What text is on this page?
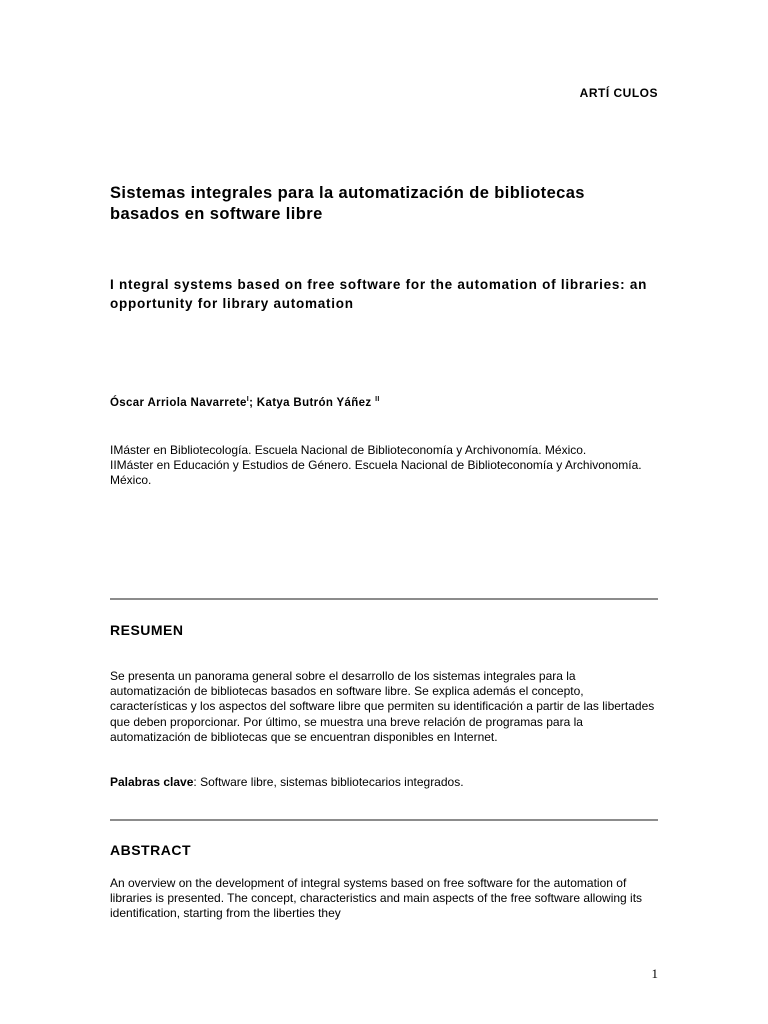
ARTÍ CULOS
Sistemas integrales para la automatización de bibliotecas basados en software libre
I ntegral systems based on free software for the automation of libraries: an opportunity for library automation
Óscar Arriola Navarrete$^I$; Katya Butrón Yáñez $^{II}$

IMáster en Bibliotecología. Escuela Nacional de Biblioteconomía y Archivonomía. México.

IIMáster en Educación y Estudios de Género. Escuela Nacional de Biblioteconomía y Archivonomía. México.

RESUMEN

Se presenta un panorama general sobre el desarrollo de los sistemas integrales para la automatización de bibliotecas basados en software libre. Se explica además el concepto, características y los aspectos del software libre que permiten su identificación a partir de las libertades que deben proporcionar. Por último, se muestra una breve relación de programas para la automatización de bibliotecas que se encuentran disponibles en Internet.

Palabras clave: Software libre, sistemas bibliotecarios integrados.

ABSTRACT

An overview on the development of integral systems based on free software for the automation of libraries is presented. The concept, characteristics and main aspects of the free software allowing its identification, starting from the liberties they

1
